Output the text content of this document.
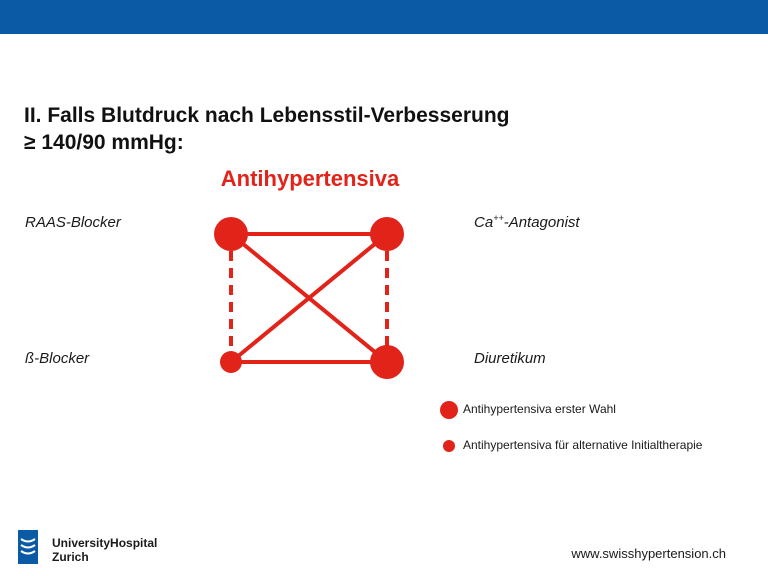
II. Falls Blutdruck nach Lebensstil-Verbesserung
≥ 140/90 mmHg:
Antihypertensiva
RAAS-Blocker	Ca++-Antagonist
ß-Blocker	Diuretikum
Antihypertensiva erster Wahl
Antihypertensiva für alternative Initialtherapie
UniversityHospital
Zurich	www.swisshypertension.ch
